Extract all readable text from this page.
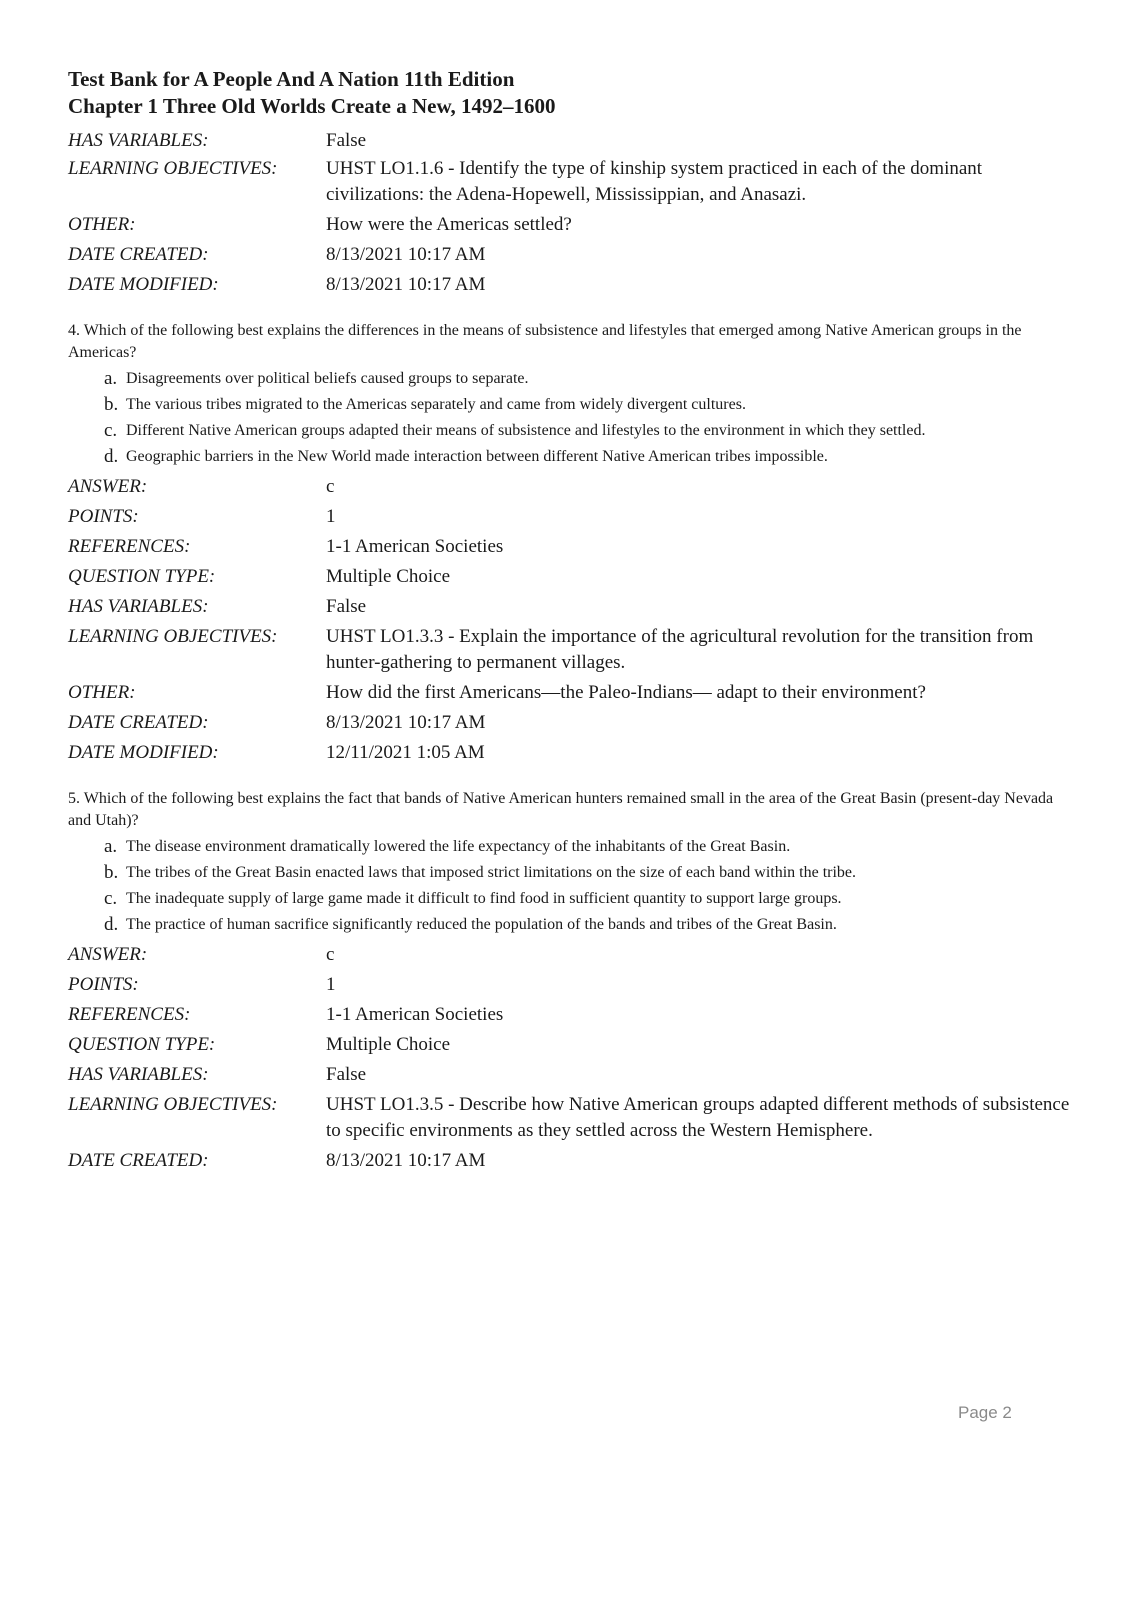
Test Bank for A People And A Nation 11th Edition
Chapter 1 Three Old Worlds Create a New, 1492–1600
HAS VARIABLES:	False
LEARNING OBJECTIVES:	UHST LO1.1.6 - Identify the type of kinship system practiced in each of the dominant civilizations: the Adena-Hopewell, Mississippian, and Anasazi.
OTHER:	How were the Americas settled?
DATE CREATED:	8/13/2021 10:17 AM
DATE MODIFIED:	8/13/2021 10:17 AM
4. Which of the following best explains the differences in the means of subsistence and lifestyles that emerged among Native American groups in the Americas?
a. Disagreements over political beliefs caused groups to separate.
b. The various tribes migrated to the Americas separately and came from widely divergent cultures.
c. Different Native American groups adapted their means of subsistence and lifestyles to the environment in which they settled.
d. Geographic barriers in the New World made interaction between different Native American tribes impossible.
ANSWER:	c
POINTS:	1
REFERENCES:	1-1 American Societies
QUESTION TYPE:	Multiple Choice
HAS VARIABLES:	False
LEARNING OBJECTIVES:	UHST LO1.3.3 - Explain the importance of the agricultural revolution for the transition from hunter-gathering to permanent villages.
OTHER:	How did the first Americans—the Paleo-Indians— adapt to their environment?
DATE CREATED:	8/13/2021 10:17 AM
DATE MODIFIED:	12/11/2021 1:05 AM
5. Which of the following best explains the fact that bands of Native American hunters remained small in the area of the Great Basin (present-day Nevada and Utah)?
a. The disease environment dramatically lowered the life expectancy of the inhabitants of the Great Basin.
b. The tribes of the Great Basin enacted laws that imposed strict limitations on the size of each band within the tribe.
c. The inadequate supply of large game made it difficult to find food in sufficient quantity to support large groups.
d. The practice of human sacrifice significantly reduced the population of the bands and tribes of the Great Basin.
ANSWER:	c
POINTS:	1
REFERENCES:	1-1 American Societies
QUESTION TYPE:	Multiple Choice
HAS VARIABLES:	False
LEARNING OBJECTIVES:	UHST LO1.3.5 - Describe how Native American groups adapted different methods of subsistence to specific environments as they settled across the Western Hemisphere.
DATE CREATED:	8/13/2021 10:17 AM
Page 2
